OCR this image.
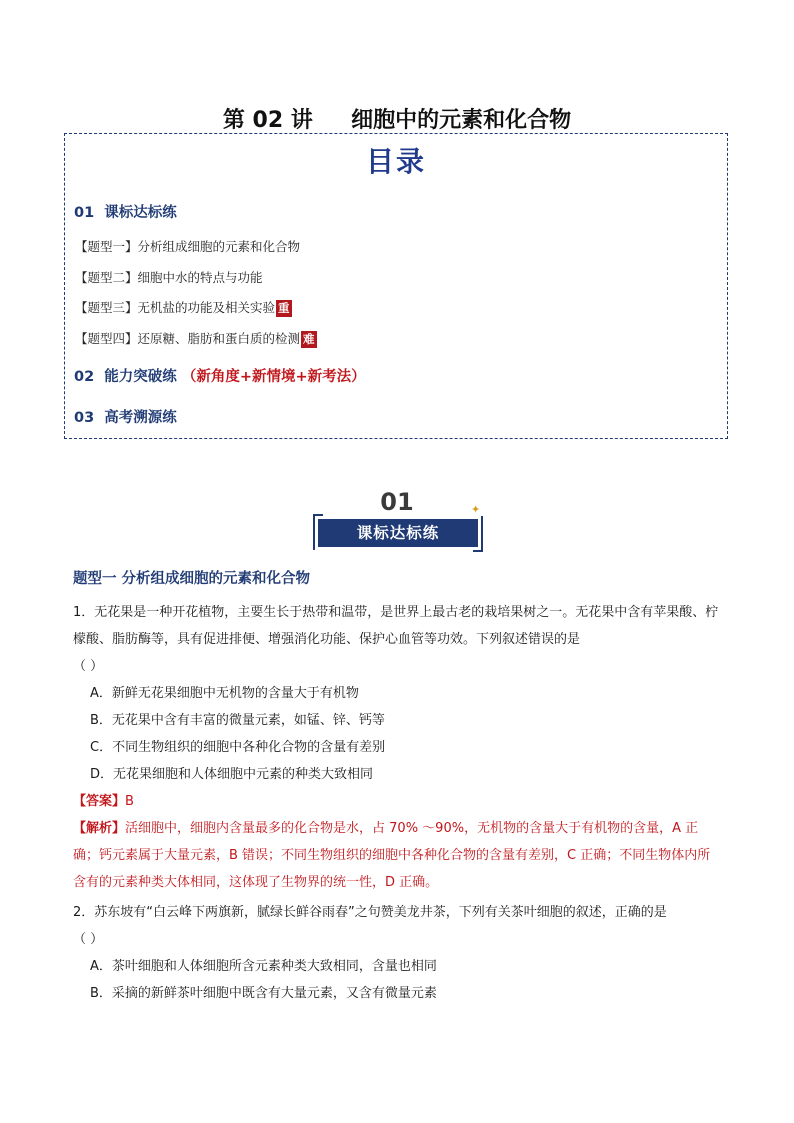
第 02 讲     细胞中的元素和化合物
目录
01 课标达标练
【题型一】分析组成细胞的元素和化合物
【题型二】细胞中水的特点与功能
【题型三】无机盐的功能及相关实验 重
【题型四】还原糖、脂肪和蛋白质的检测 难
02 能力突破练 （新角度+新情境+新考法）
03 高考溯源练
01	✦
课标达标练
题型一 分析组成细胞的元素和化合物
1．无花果是一种开花植物，主要生长于热带和温带，是世界上最古老的栽培果树之一。无花果中含有苹果酸、柠檬酸、脂肪酶等，具有促进排便、增强消化功能、保护心血管等功效。下列叙述错误的是
（ ）
A．新鲜无花果细胞中无机物的含量大于有机物
B．无花果中含有丰富的微量元素，如锰、锌、钙等
C．不同生物组织的细胞中各种化合物的含量有差别
D．无花果细胞和人体细胞中元素的种类大致相同
【答案】B
【解析】活细胞中，细胞内含量最多的化合物是水，占 70% ～90%，无机物的含量大于有机物的含量，A 正确；钙元素属于大量元素，B 错误；不同生物组织的细胞中各种化合物的含量有差别，C 正确；不同生物体内所含有的元素种类大体相同，这体现了生物界的统一性，D 正确。
2．苏东坡有“白云峰下两旗新，腻绿长鲜谷雨春”之句赞美龙井茶，下列有关茶叶细胞的叙述，正确的是
（ ）
A．茶叶细胞和人体细胞所含元素种类大致相同，含量也相同
B．采摘的新鲜茶叶细胞中既含有大量元素，又含有微量元素
